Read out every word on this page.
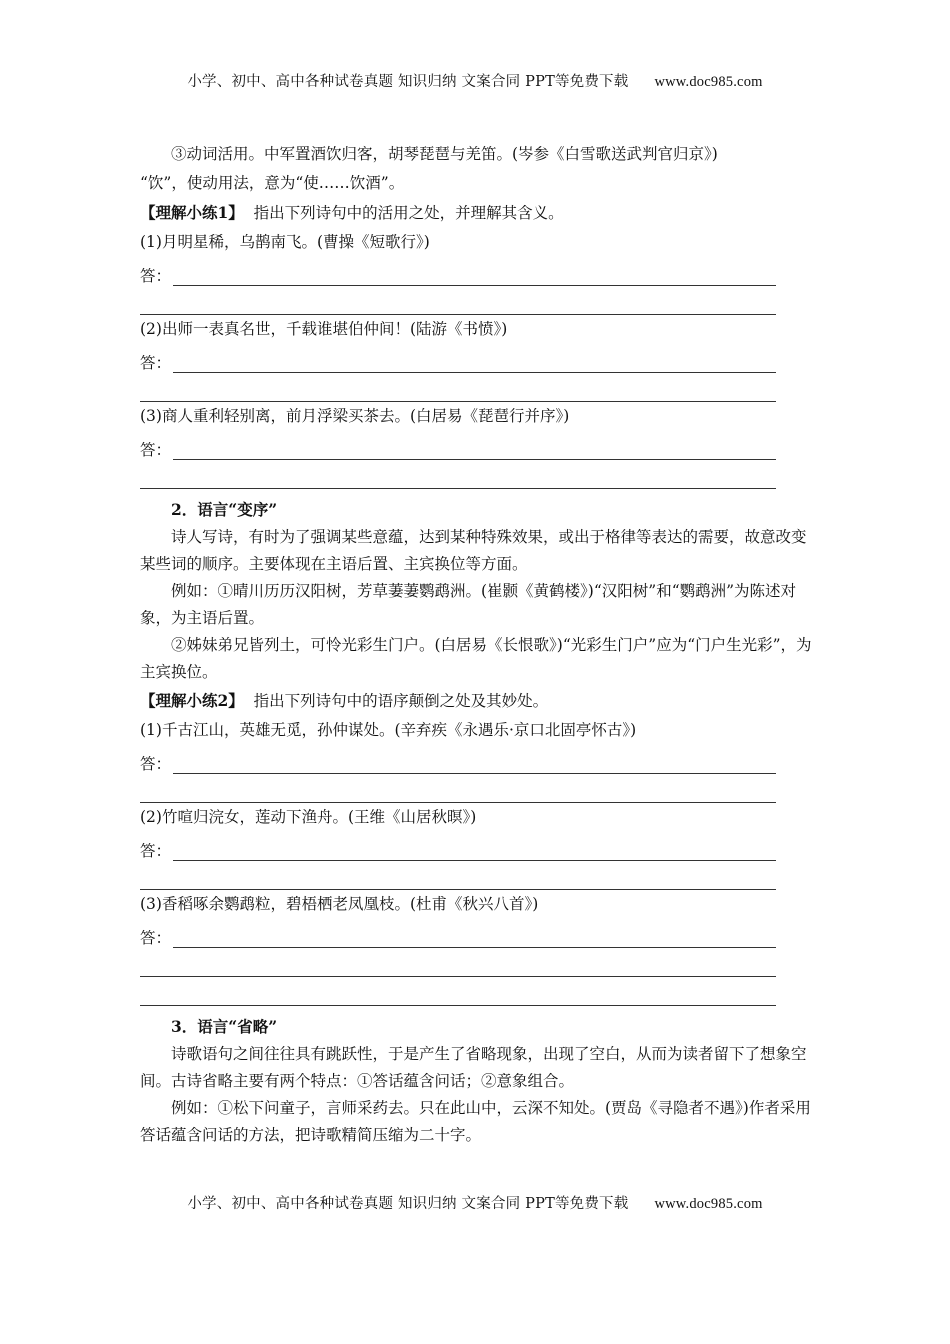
小学、初中、高中各种试卷真题 知识归纳 文案合同 PPT等免费下载 www.doc985.com

③动词活用。中军置酒饮归客，胡琴琵琶与羌笛。(岑参《白雪歌送武判官归京》)

“饮”，使动用法，意为“使……饮酒”。

【理解小练1】 指出下列诗句中的活用之处，并理解其含义。

(1)月明星稀，乌鹊南飞。(曹操《短歌行》)

答：

(2)出师一表真名世，千载谁堪伯仲间！(陆游《书愤》)

答：

(3)商人重利轻别离，前月浮梁买茶去。(白居易《琵琶行并序》)

答：
2．语言“变序”

诗人写诗，有时为了强调某些意蕴，达到某种特殊效果，或出于格律等表达的需要，故意改变某些词的顺序。主要体现在主语后置、主宾换位等方面。

例如：①晴川历历汉阳树，芳草萋萋鹦鹉洲。(崔颢《黄鹤楼》)“汉阳树”和“鹦鹉洲”为陈述对象，为主语后置。

②姊妹弟兄皆列土，可怜光彩生门户。(白居易《长恨歌》)“光彩生门户”应为“门户生光彩”，为主宾换位。

【理解小练2】 指出下列诗句中的语序颠倒之处及其妙处。

(1)千古江山，英雄无觅，孙仲谋处。(辛弃疾《永遇乐·京口北固亭怀古》)

答：

(2)竹喧归浣女，莲动下渔舟。(王维《山居秋暝》)

答：

(3)香稻啄余鹦鹉粒，碧梧栖老凤凰枝。(杜甫《秋兴八首》)

答：
3．语言“省略”

诗歌语句之间往往具有跳跃性，于是产生了省略现象，出现了空白，从而为读者留下了想象空间。古诗省略主要有两个特点：①答话蕴含问话；②意象组合。

例如：①松下问童子，言师采药去。只在此山中，云深不知处。(贾岛《寻隐者不遇》)作者采用答话蕴含问话的方法，把诗歌精简压缩为二十字。

小学、初中、高中各种试卷真题 知识归纳 文案合同 PPT等免费下载 www.doc985.com
